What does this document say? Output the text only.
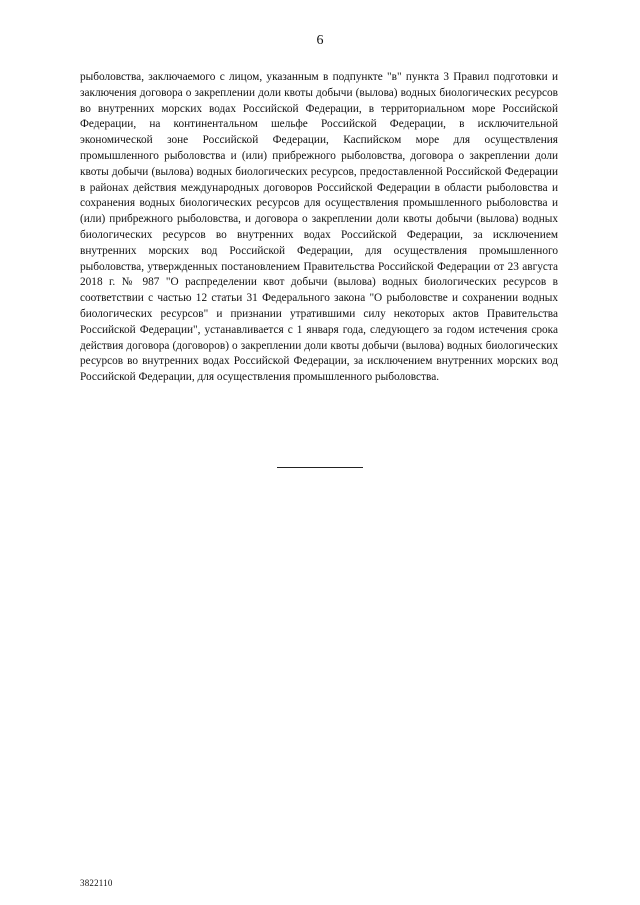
6

рыболовства, заключаемого с лицом, указанным в подпункте "в" пункта 3 Правил подготовки и заключения договора о закреплении доли квоты добычи (вылова) водных биологических ресурсов во внутренних морских водах Российской Федерации, в территориальном море Российской Федерации, на континентальном шельфе Российской Федерации, в исключительной экономической зоне Российской Федерации, Каспийском море для осуществления промышленного рыболовства и (или) прибрежного рыболовства, договора о закреплении доли квоты добычи (вылова) водных биологических ресурсов, предоставленной Российской Федерации в районах действия международных договоров Российской Федерации в области рыболовства и сохранения водных биологических ресурсов для осуществления промышленного рыболовства и (или) прибрежного рыболовства, и договора о закреплении доли квоты добычи (вылова) водных биологических ресурсов во внутренних водах Российской Федерации, за исключением внутренних морских вод Российской Федерации, для осуществления промышленного рыболовства, утвержденных постановлением Правительства Российской Федерации от 23 августа 2018 г. № 987 "О распределении квот добычи (вылова) водных биологических ресурсов в соответствии с частью 12 статьи 31 Федерального закона "О рыболовстве и сохранении водных биологических ресурсов" и признании утратившими силу некоторых актов Правительства Российской Федерации", устанавливается с 1 января года, следующего за годом истечения срока действия договора (договоров) о закреплении доли квоты добычи (вылова) водных биологических ресурсов во внутренних водах Российской Федерации, за исключением внутренних морских вод Российской Федерации, для осуществления промышленного рыболовства.

3822110
